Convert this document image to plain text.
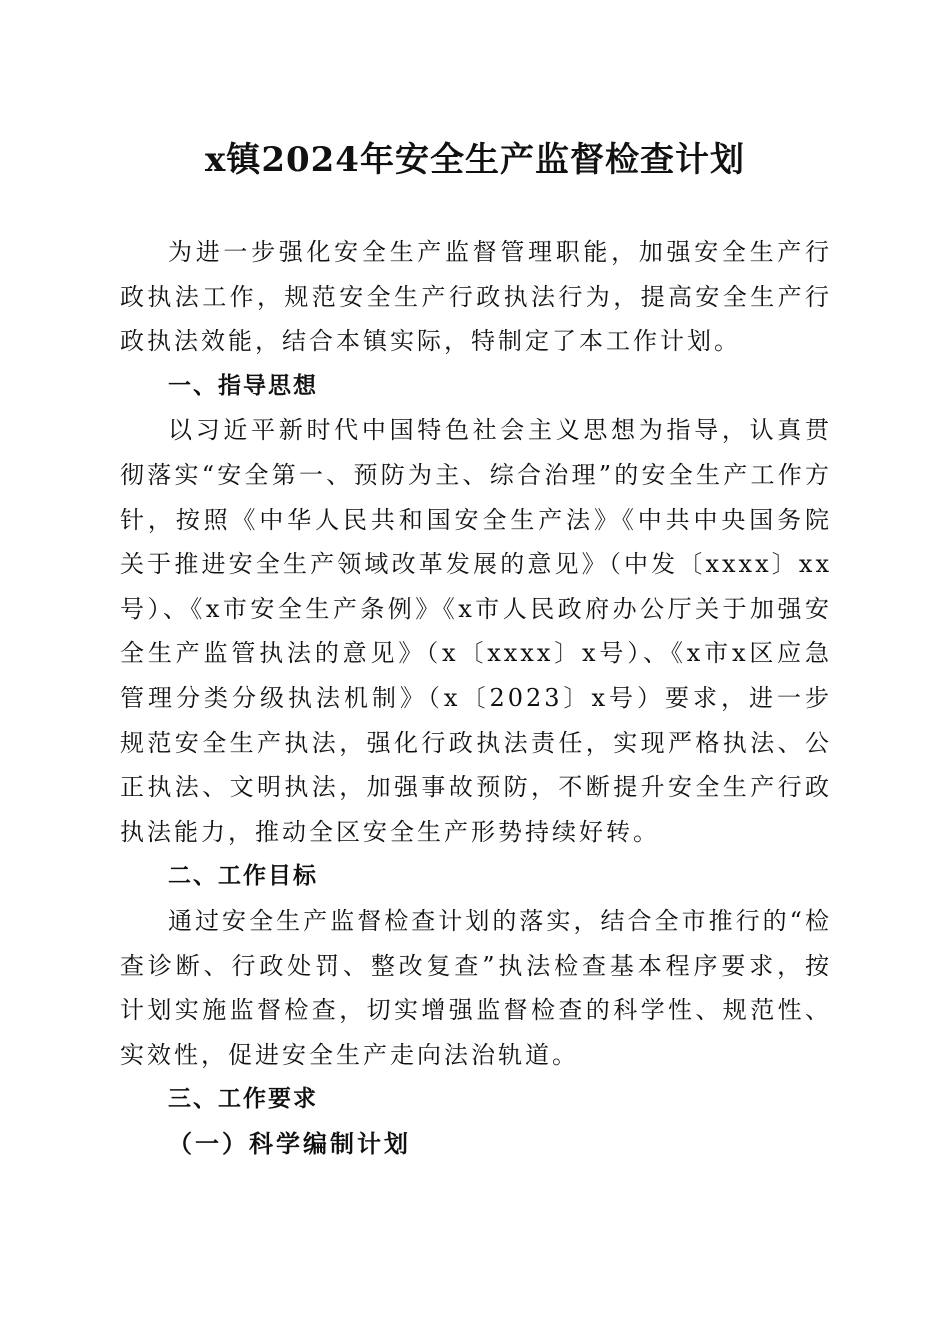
x镇2024年安全生产监督检查计划

为进一步强化安全生产监督管理职能，加强安全生产行政执法工作，规范安全生产行政执法行为，提高安全生产行政执法效能，结合本镇实际，特制定了本工作计划。

一、指导思想

以习近平新时代中国特色社会主义思想为指导，认真贯彻落实“安全第一、预防为主、综合治理”的安全生产工作方针，按照《中华人民共和国安全生产法》《中共中央国务院关于推进安全生产领域改革发展的意见》（中发〔xxxx〕xx号）、《x市安全生产条例》《x市人民政府办公厅关于加强安全生产监管执法的意见》（x〔xxxx〕x号）、《x市x区应急管理分类分级执法机制》（x〔2023〕x号）要求，进一步规范安全生产执法，强化行政执法责任，实现严格执法、公正执法、文明执法，加强事故预防，不断提升安全生产行政执法能力，推动全区安全生产形势持续好转。

二、工作目标

通过安全生产监督检查计划的落实，结合全市推行的“检查诊断、行政处罚、整改复查”执法检查基本程序要求，按计划实施监督检查，切实增强监督检查的科学性、规范性、实效性，促进安全生产走向法治轨道。

三、工作要求

（一）科学编制计划
